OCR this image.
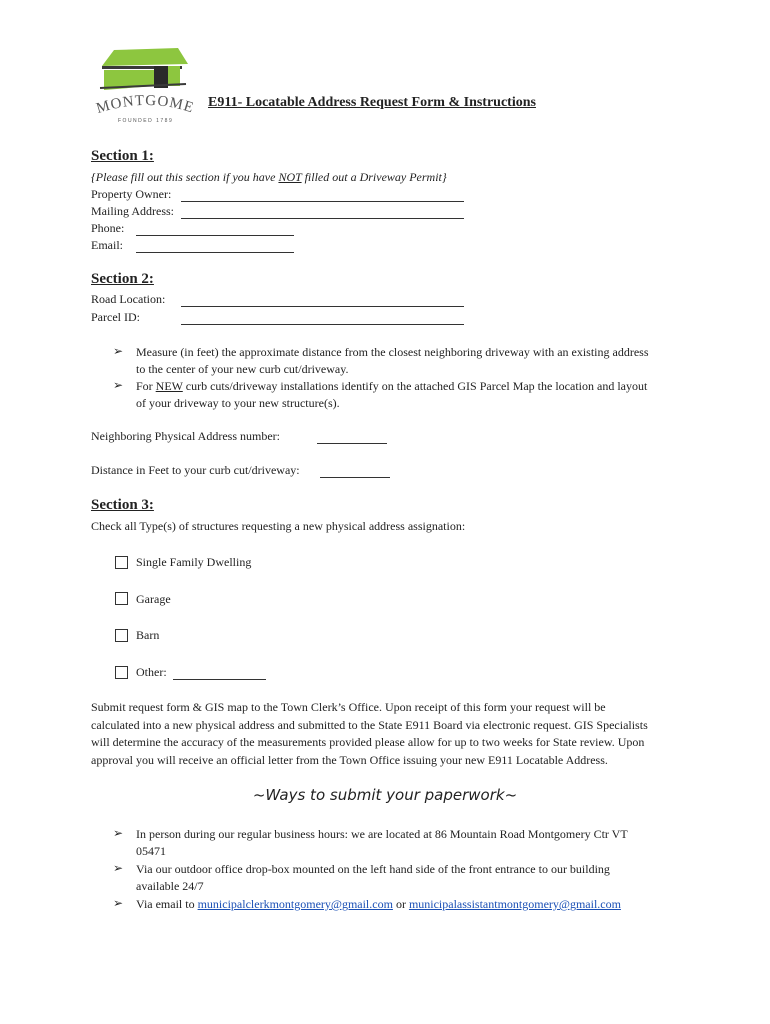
MONTGOME
FOUNDED 1789
E911- Locatable Address Request Form & Instructions
Section 1:
{Please fill out this section if you have NOT filled out a Driveway Permit}
Property Owner:
Mailing Address:
Phone:
Email:
Section 2:
Road Location:
Parcel ID:
➢ Measure (in feet) the approximate distance from the closest neighboring driveway with an existing address
to the center of your new curb cut/driveway.
➢ For NEW curb cuts/driveway installations identify on the attached GIS Parcel Map the location and layout
of your driveway to your new structure(s).
Neighboring Physical Address number:
Distance in Feet to your curb cut/driveway:
Section 3:
Check all Type(s) of structures requesting a new physical address assignation:
Single Family Dwelling
Garage
Barn
Other:
Submit request form & GIS map to the Town Clerk’s Office. Upon receipt of this form your request will be
calculated into a new physical address and submitted to the State E911 Board via electronic request. GIS Specialists
will determine the accuracy of the measurements provided please allow for up to two weeks for State review. Upon
approval you will receive an official letter from the Town Office issuing your new E911 Locatable Address.
~Ways to submit your paperwork~
➢ In person during our regular business hours: we are located at 86 Mountain Road Montgomery Ctr VT
05471
➢ Via our outdoor office drop-box mounted on the left hand side of the front entrance to our building
available 24/7
➢ Via email to municipalclerkmontgomery@gmail.com or municipalassistantmontgomery@gmail.com
